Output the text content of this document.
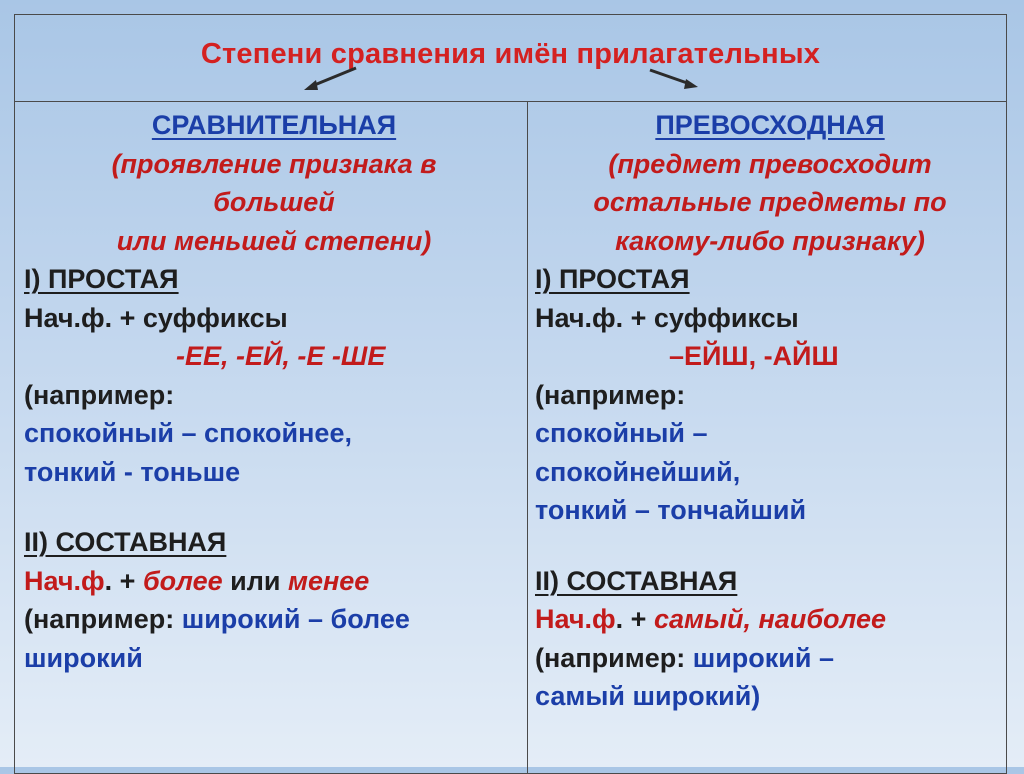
Степени сравнения имён прилагательных
СРАВНИТЕЛЬНАЯ
(проявление признака в
большей
или меньшей степени)
I) ПРОСТАЯ
Нач.ф. + суффиксы
-ЕЕ, -ЕЙ, -Е -ШЕ
(например:
спокойный – спокойнее,
тонкий - тоньше
II) СОСТАВНАЯ
Нач.ф. + более или менее
(например: широкий – более
широкий
ПРЕВОСХОДНАЯ
(предмет превосходит
остальные предметы по
какому-либо признаку)
I) ПРОСТАЯ
Нач.ф. + суффиксы
–ЕЙШ, -АЙШ
(например:
спокойный –
спокойнейший,
тонкий – тончайший
II) СОСТАВНАЯ
Нач.ф. + самый, наиболее
(например: широкий –
самый широкий)
